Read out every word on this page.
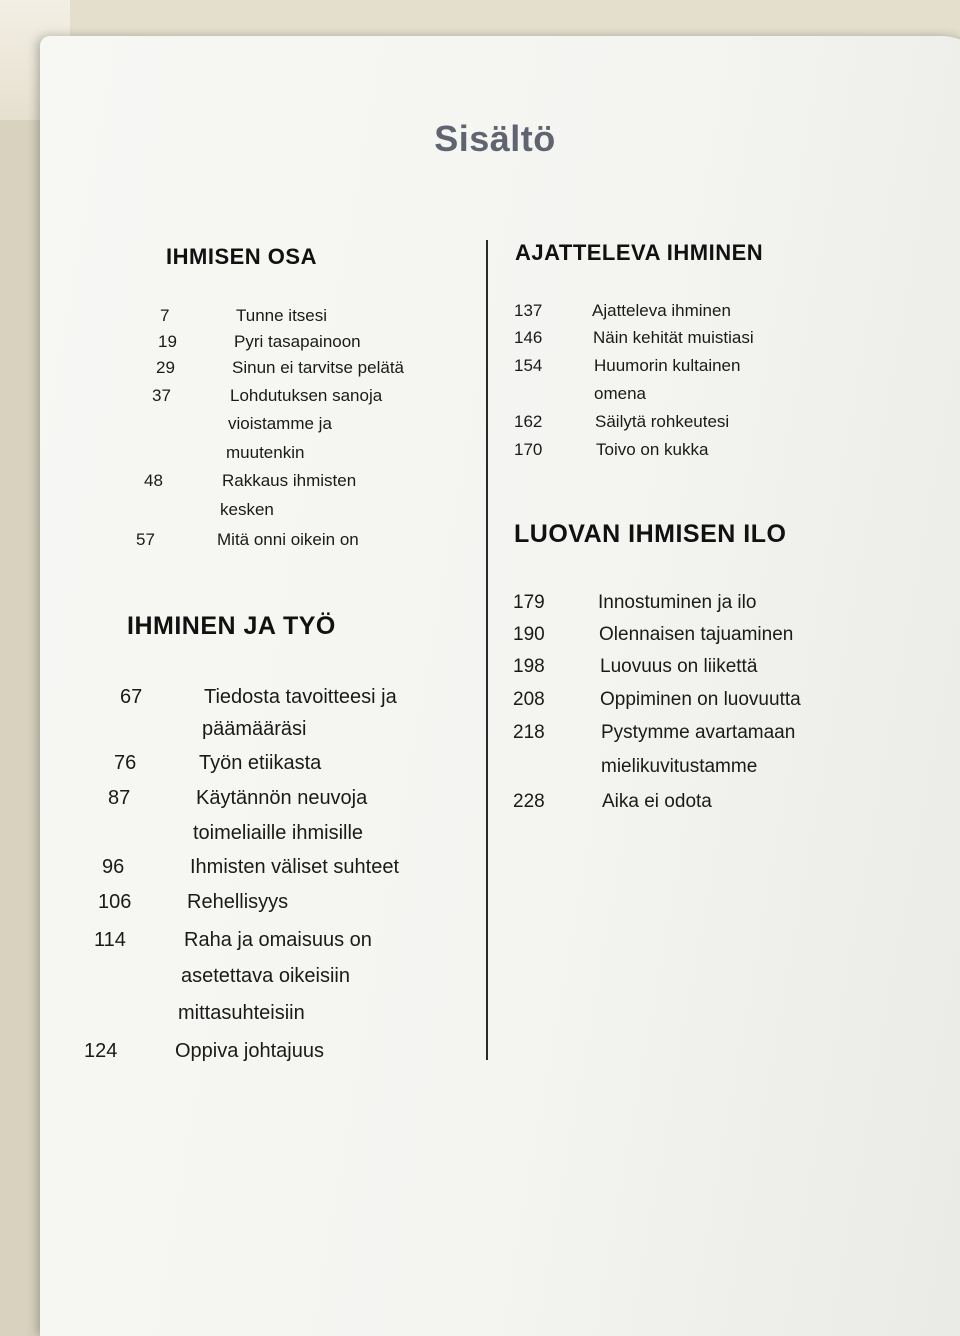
Sisältö
IHMISEN OSA
IHMINEN JA TYÖ
AJATTELEVA IHMINEN
LUOVAN IHMISEN ILO
7	Tunne itsesi
19	Pyri tasapainoon
29	Sinun ei tarvitse pelätä
37	Lohdutuksen sanoja
vioistamme ja
muutenkin
48	Rakkaus ihmisten
kesken
57	Mitä onni oikein on
67	Tiedosta tavoitteesi ja
päämääräsi
76	Työn etiikasta
87	Käytännön neuvoja
toimeliaille ihmisille
96	Ihmisten väliset suhteet
106	Rehellisyys
114	Raha ja omaisuus on
asetettava oikeisiin
mittasuhteisiin
124	Oppiva johtajuus
137	Ajatteleva ihminen
146	Näin kehität muistiasi
154	Huumorin kultainen
omena
162	Säilytä rohkeutesi
170	Toivo on kukka
179	Innostuminen ja ilo
190	Olennaisen tajuaminen
198	Luovuus on liikettä
208	Oppiminen on luovuutta
218	Pystymme avartamaan
mielikuvitustamme
228	Aika ei odota
